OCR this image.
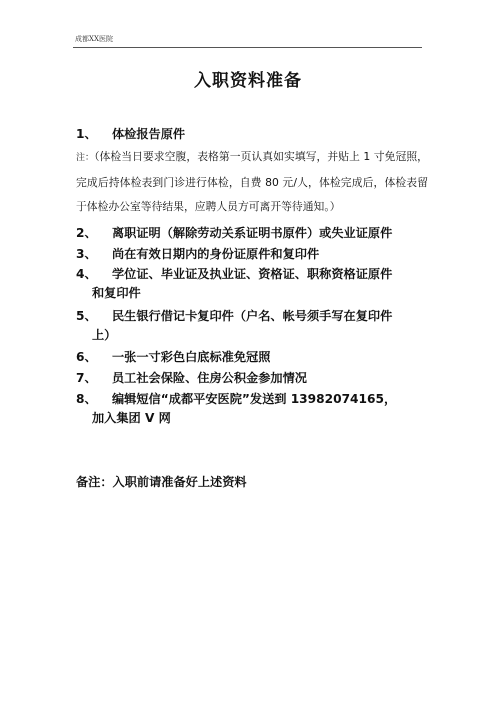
成都XX医院
入职资料准备
1、 体检报告原件
注：（体检当日要求空腹，表格第一页认真如实填写，并贴上 1 寸免冠照，完成后持体检表到门诊进行体检，自费 80 元/人，体检完成后，体检表留于体检办公室等待结果，应聘人员方可离开等待通知。）
2、 离职证明（解除劳动关系证明书原件）或失业证原件
3、 尚在有效日期内的身份证原件和复印件
4、 学位证、毕业证及执业证、资格证、职称资格证原件
和复印件
5、 民生银行借记卡复印件（户名、帐号须手写在复印件
上）
6、 一张一寸彩色白底标准免冠照
7、 员工社会保险、住房公积金参加情况
8、 编辑短信“成都平安医院”发送到 13982074165，
加入集团 V 网
备注：入职前请准备好上述资料
